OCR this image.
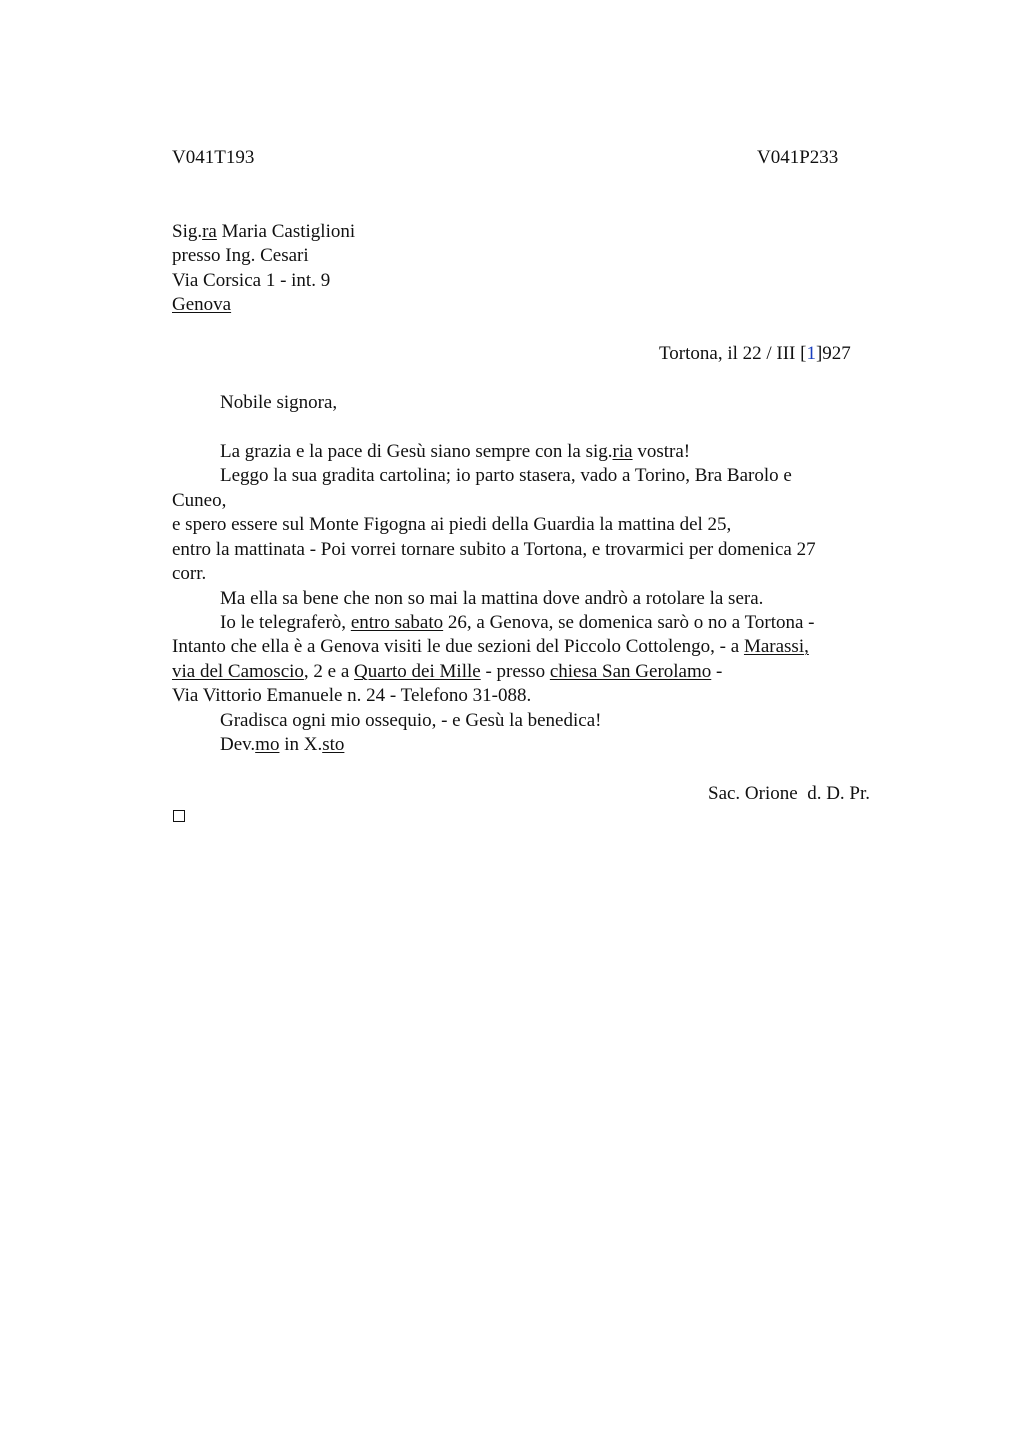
V041T193	V041P233
Sig.ra Maria Castiglioni
presso Ing. Cesari
Via Corsica 1 - int. 9
Genova
Tortona, il 22 / III [1]927
Nobile signora,
La grazia e la pace di Gesù siano sempre con la sig.ria vostra!
Leggo la sua gradita cartolina; io parto stasera, vado a Torino, Bra Barolo e
Cuneo,
e spero essere sul Monte Figogna ai piedi della Guardia la mattina del 25,
entro la mattinata - Poi vorrei tornare subito a Tortona, e trovarmici per domenica 27
corr.
Ma ella sa bene che non so mai la mattina dove andrò a rotolare la sera.
Io le telegraferò, entro sabato 26, a Genova, se domenica sarò o no a Tortona -
Intanto che ella è a Genova visiti le due sezioni del Piccolo Cottolengo, - a Marassi,
via del Camoscio, 2 e a Quarto dei Mille - presso chiesa San Gerolamo -
Via Vittorio Emanuele n. 24 - Telefono 31-088.
Gradisca ogni mio ossequio, - e Gesù la benedica!
Dev.mo in X.sto
Sac. Orione  d. D. Pr.
